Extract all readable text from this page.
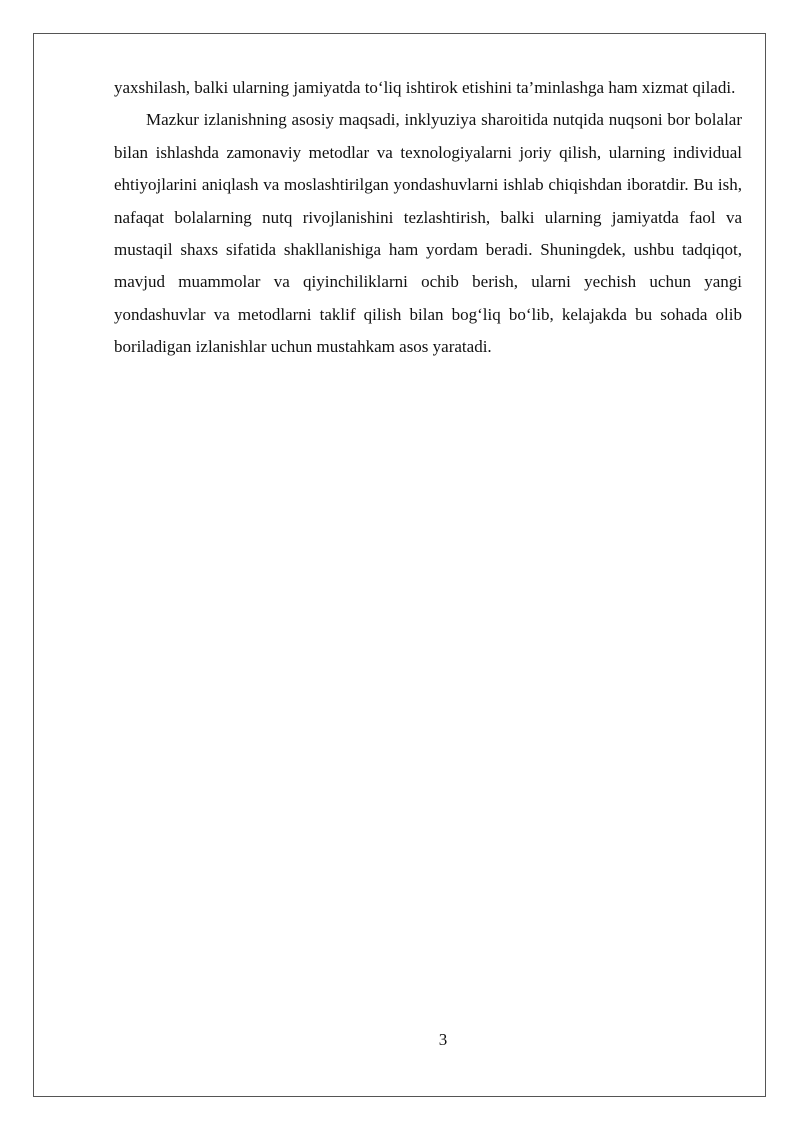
yaxshilash, balki ularning jamiyatda to‘liq ishtirok etishini ta’minlashga ham xizmat qiladi.

Mazkur izlanishning asosiy maqsadi, inklyuziya sharoitida nutqida nuqsoni bor bolalar bilan ishlashda zamonaviy metodlar va texnologiyalarni joriy qilish, ularning individual ehtiyojlarini aniqlash va moslashtirilgan yondashuvlarni ishlab chiqishdan iboratdir. Bu ish, nafaqat bolalarning nutq rivojlanishini tezlashtirish, balki ularning jamiyatda faol va mustaqil shaxs sifatida shakllanishiga ham yordam beradi. Shuningdek, ushbu tadqiqot, mavjud muammolar va qiyinchiliklarni ochib berish, ularni yechish uchun yangi yondashuvlar va metodlarni taklif qilish bilan bog‘liq bo‘lib, kelajakda bu sohada olib boriladigan izlanishlar uchun mustahkam asos yaratadi.

3
